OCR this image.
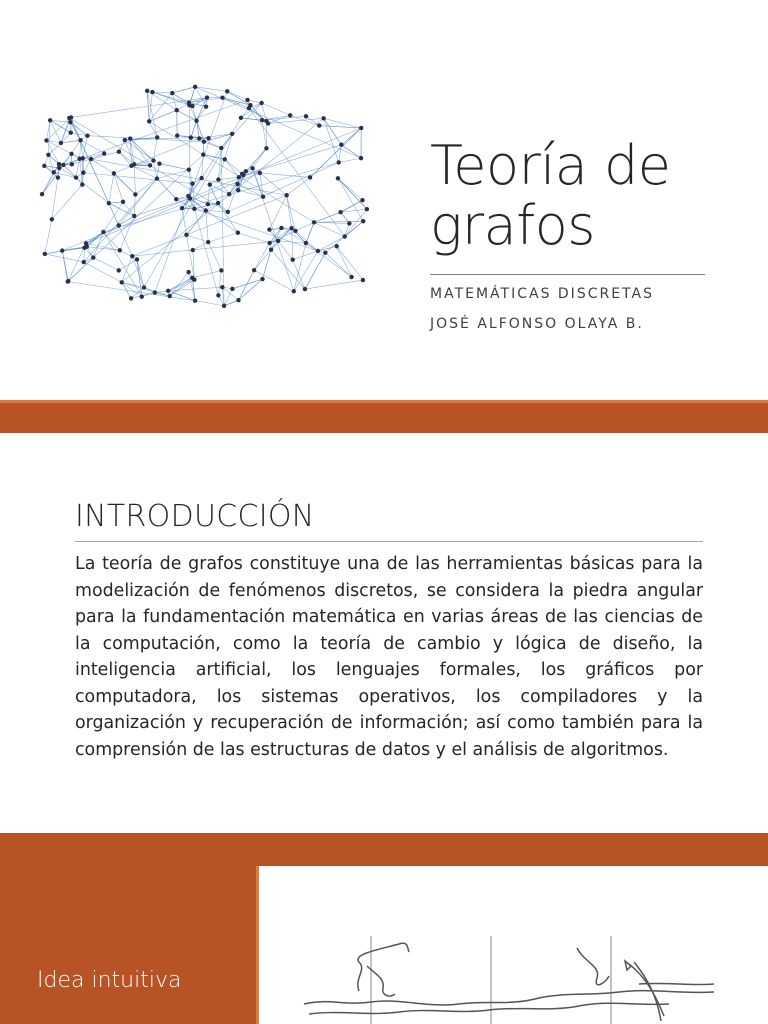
Teoría de grafos

MATEMÁTICAS DISCRETAS

JOSÉ ALFONSO OLAYA B.

INTRODUCCIÓN

La teoría de grafos constituye una de las herramientas básicas para la modelización de fenómenos discretos, se considera la piedra angular para la fundamentación matemática en varias áreas de las ciencias de la computación, como la teoría de cambio y lógica de diseño, la inteligencia artificial, los lenguajes formales, los gráficos por computadora, los sistemas operativos, los compiladores y la organización y recuperación de información; así como también para la comprensión de las estructuras de datos y el análisis de algoritmos.

Idea intuitiva
